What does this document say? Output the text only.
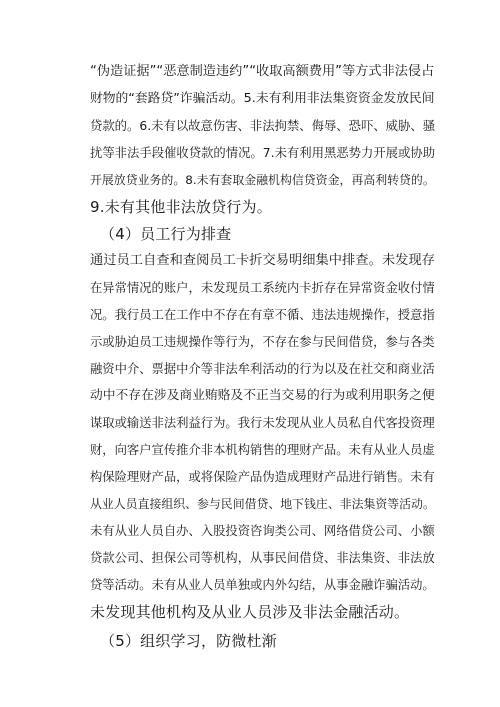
“伪造证据”“恶意制造违约”“收取高额费用”等方式非法侵占
财物的“套路贷”诈骗活动。5.未有利用非法集资资金发放民间
贷款的。6.未有以故意伤害、非法拘禁、侮辱、恐吓、威胁、骚
扰等非法手段催收贷款的情况。7.未有利用黑恶势力开展或协助
开展放贷业务的。8.未有套取金融机构信贷资金，再高利转贷的。
9.未有其他非法放贷行为。
（4）员工行为排查
通过员工自查和查阅员工卡折交易明细集中排查。未发现存
在异常情况的账户，未发现员工系统内卡折存在异常资金收付情
况。我行员工在工作中不存在有章不循、违法违规操作，授意指
示或胁迫员工违规操作等行为，不存在参与民间借贷，参与各类
融资中介、票据中介等非法牟利活动的行为以及在社交和商业活
动中不存在涉及商业贿赂及不正当交易的行为或利用职务之便
谋取或输送非法利益行为。我行未发现从业人员私自代客投资理
财，向客户宣传推介非本机构销售的理财产品。未有从业人员虚
构保险理财产品，或将保险产品伪造成理财产品进行销售。未有
从业人员直接组织、参与民间借贷、地下钱庄、非法集资等活动。
未有从业人员自办、入股投资咨询类公司、网络借贷公司、小额
贷款公司、担保公司等机构，从事民间借贷、非法集资、非法放
贷等活动。未有从业人员单独或内外勾结，从事金融诈骗活动。
未发现其他机构及从业人员涉及非法金融活动。
（5）组织学习，防微杜渐
